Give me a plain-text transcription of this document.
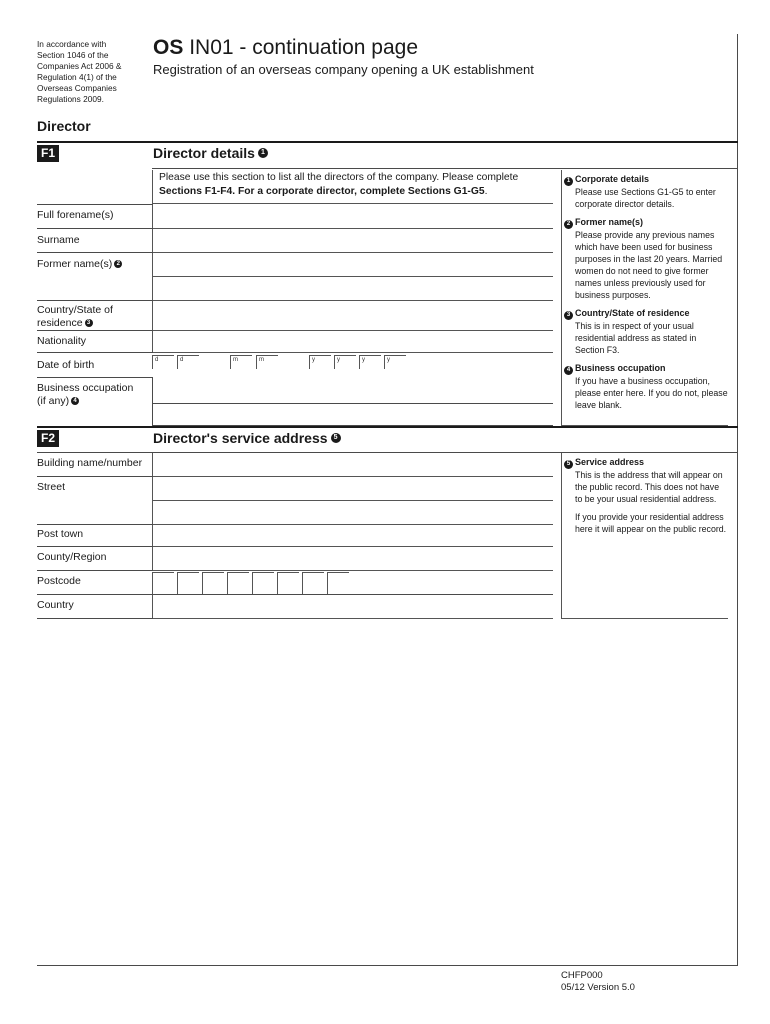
In accordance with
Section 1046 of the
Companies Act 2006 &
Regulation 4(1) of the
Overseas Companies
Regulations 2009.
OS IN01 - continuation page
Registration of an overseas company opening a UK establishment
Director
F1	Director details 1
Please use this section to list all the directors of the company. Please complete
Sections F1-F4. For a corporate director, complete Sections G1-G5.
Full forename(s)
Surname
Former name(s) 2
Country/State of
residence 3
Nationality
Date of birth	d	d	m	m	y	y	y	y
Business occupation
(if any) 4
1 Corporate details
Please use Sections G1-G5 to enter corporate director details.
2 Former name(s)
Please provide any previous names which have been used for business purposes in the last 20 years. Married women do not need to give former names unless previously used for business purposes.
3 Country/State of residence
This is in respect of your usual residential address as stated in Section F3.
4 Business occupation
If you have a business occupation, please enter here. If you do not, please leave blank.
F2	Director's service address 5
Building name/number
Street
Post town
County/Region
Postcode
Country
5 Service address
This is the address that will appear on the public record. This does not have to be your usual residential address.
If you provide your residential address here it will appear on the public record.
CHFP000
05/12 Version 5.0
